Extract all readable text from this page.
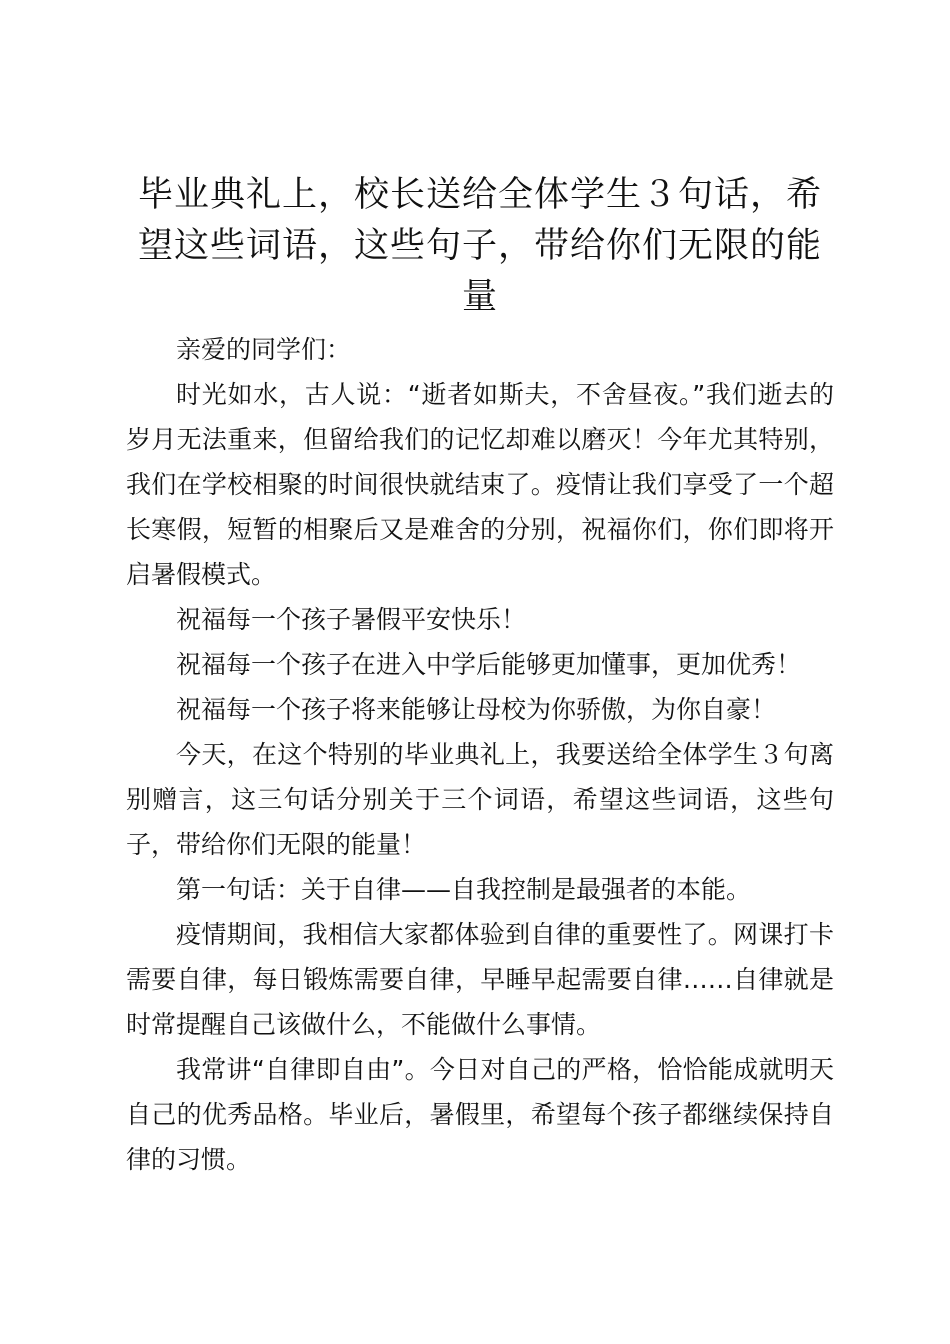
毕业典礼上，校长送给全体学生３句话，希望这些词语，这些句子，带给你们无限的能量

亲爱的同学们：

时光如水，古人说：“逝者如斯夫，不舍昼夜。”我们逝去的岁月无法重来，但留给我们的记忆却难以磨灭！今年尤其特别，我们在学校相聚的时间很快就结束了。疫情让我们享受了一个超长寒假，短暂的相聚后又是难舍的分别，祝福你们，你们即将开启暑假模式。

祝福每一个孩子暑假平安快乐！

祝福每一个孩子在进入中学后能够更加懂事，更加优秀！

祝福每一个孩子将来能够让母校为你骄傲，为你自豪！

今天，在这个特别的毕业典礼上，我要送给全体学生３句离别赠言，这三句话分别关于三个词语，希望这些词语，这些句子，带给你们无限的能量！

第一句话：关于自律——自我控制是最强者的本能。

疫情期间，我相信大家都体验到自律的重要性了。网课打卡需要自律，每日锻炼需要自律，早睡早起需要自律……自律就是时常提醒自己该做什么，不能做什么事情。

我常讲“自律即自由”。今日对自己的严格，恰恰能成就明天自己的优秀品格。毕业后，暑假里，希望每个孩子都继续保持自律的习惯。
